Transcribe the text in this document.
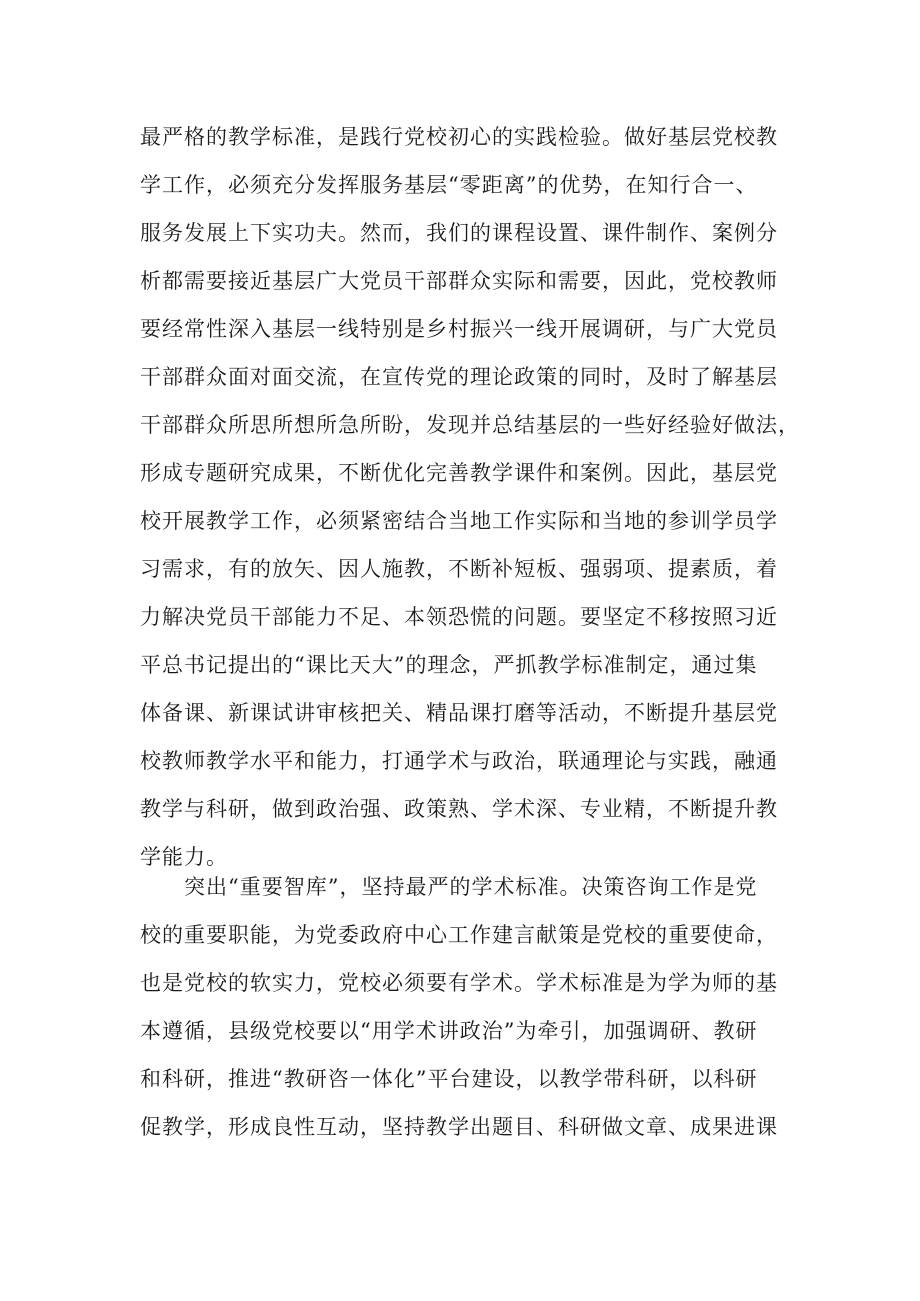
最严格的教学标准，是践行党校初心的实践检验。做好基层党校教
学工作，必须充分发挥服务基层“零距离”的优势，在知行合一、
服务发展上下实功夫。然而，我们的课程设置、课件制作、案例分
析都需要接近基层广大党员干部群众实际和需要，因此，党校教师
要经常性深入基层一线特别是乡村振兴一线开展调研，与广大党员
干部群众面对面交流，在宣传党的理论政策的同时，及时了解基层
干部群众所思所想所急所盼，发现并总结基层的一些好经验好做法，
形成专题研究成果，不断优化完善教学课件和案例。因此，基层党
校开展教学工作，必须紧密结合当地工作实际和当地的参训学员学
习需求，有的放矢、因人施教，不断补短板、强弱项、提素质，着
力解决党员干部能力不足、本领恐慌的问题。要坚定不移按照习近
平总书记提出的“课比天大”的理念，严抓教学标准制定，通过集
体备课、新课试讲审核把关、精品课打磨等活动，不断提升基层党
校教师教学水平和能力，打通学术与政治，联通理论与实践，融通
教学与科研，做到政治强、政策熟、学术深、专业精，不断提升教
学能力。
突出“重要智库”，坚持最严的学术标准。决策咨询工作是党
校的重要职能，为党委政府中心工作建言献策是党校的重要使命，
也是党校的软实力，党校必须要有学术。学术标准是为学为师的基
本遵循，县级党校要以“用学术讲政治”为牵引，加强调研、教研
和科研，推进“教研咨一体化”平台建设，以教学带科研，以科研
促教学，形成良性互动，坚持教学出题目、科研做文章、成果进课
